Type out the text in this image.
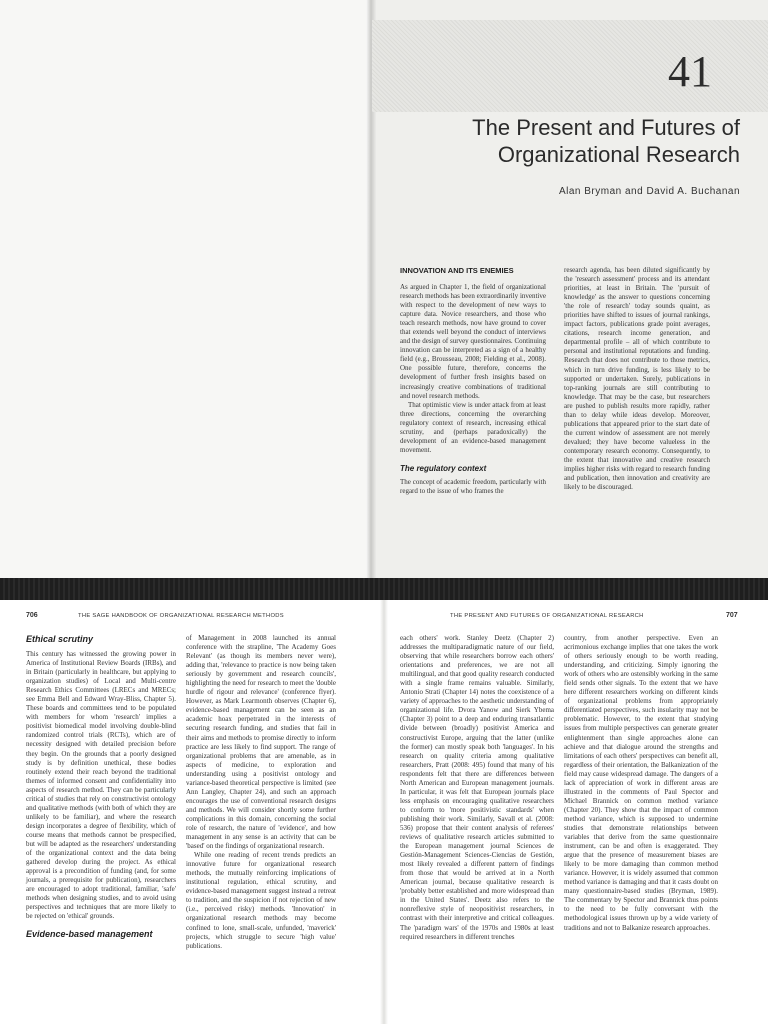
41
The Present and Futures of Organizational Research
Alan Bryman and David A. Buchanan
INNOVATION AND ITS ENEMIES

As argued in Chapter 1, the field of organizational research methods has been extraordinarily inventive with respect to the development of new ways to capture data. Novice researchers, and those who teach research methods, now have ground to cover that extends well beyond the conduct of interviews and the design of survey questionnaires. Continuing innovation can be interpreted as a sign of a healthy field (e.g., Brousseau, 2008; Fielding et al., 2008). One possible future, therefore, concerns the development of further fresh insights based on increasingly creative combinations of traditional and novel research methods.

That optimistic view is under attack from at least three directions, concerning the overarching regulatory context of research, increasing ethical scrutiny, and (perhaps paradoxically) the development of an evidence-based management movement.

The regulatory context

The concept of academic freedom, particularly with regard to the issue of who frames the

research agenda, has been diluted significantly by the 'research assessment' process and its attendant priorities, at least in Britain. The 'pursuit of knowledge' as the answer to questions concerning 'the role of research' today sounds quaint, as priorities have shifted to issues of journal rankings, impact factors, publications grade point averages, citations, research income generation, and departmental profile – all of which contribute to personal and institutional reputations and funding. Research that does not contribute to those metrics, which in turn drive funding, is less likely to be supported or undertaken. Surely, publications in top-ranking journals are still contributing to knowledge. That may be the case, but researchers are pushed to publish results more rapidly, rather than to delay while ideas develop. Moreover, publications that appeared prior to the start date of the current window of assessment are not merely devalued; they have become valueless in the contemporary research economy. Consequently, to the extent that innovative and creative research implies higher risks with regard to research funding and publication, then innovation and creativity are likely to be discouraged.
706	THE SAGE HANDBOOK OF ORGANIZATIONAL RESEARCH METHODS	THE PRESENT AND FUTURES OF ORGANIZATIONAL RESEARCH	707
Ethical scrutiny
This century has witnessed the growing power in America of Institutional Review Boards (IRBs), and in Britain (particularly in healthcare, but applying to organization studies) of Local and Multi-centre Research Ethics Committees (LRECs and MRECs; see Emma Bell and Edward Wray-Bliss, Chapter 5). These boards and committees tend to be populated with members for whom 'research' implies a positivist biomedical model involving double-blind randomized control trials (RCTs), which are of necessity designed with detailed precision before they begin. On the grounds that a poorly designed study is by definition unethical, these bodies routinely extend their reach beyond the traditional themes of informed consent and confidentiality into aspects of research method. They can be particularly critical of studies that rely on constructivist ontology and qualitative methods (with both of which they are unlikely to be familiar), and where the research design incorporates a degree of flexibility, which of course means that methods cannot be prespecified, but will be adapted as the researchers' understanding of the organizational context and the data being gathered develop during the project. As ethical approval is a precondition of funding (and, for some journals, a prerequisite for publication), researchers are encouraged to adopt traditional, familiar, 'safe' methods when designing studies, and to avoid using perspectives and techniques that are more likely to be rejected on 'ethical' grounds.
Evidence-based management
of Management in 2008 launched its annual conference with the strapline, 'The Academy Goes Relevant' (as though its members never were), adding that, 'relevance to practice is now being taken seriously by government and research councils', highlighting the need for research to meet the 'double hurdle of rigour and relevance' (conference flyer). However, as Mark Learmonth observes (Chapter 6), evidence-based management can be seen as an academic hoax perpetrated in the interests of securing research funding, and studies that fail in their aims and methods to promise directly to inform practice are less likely to find support. The range of organizational problems that are amenable, as in aspects of medicine, to exploration and understanding using a positivist ontology and variance-based theoretical perspective is limited (see Ann Langley, Chapter 24), and such an approach encourages the use of conventional research designs and methods. We will consider shortly some further complications in this domain, concerning the social role of research, the nature of 'evidence', and how management in any sense is an activity that can be 'based' on the findings of organizational research.
While one reading of recent trends predicts an innovative future for organizational research methods, the mutually reinforcing implications of institutional regulation, ethical scrutiny, and evidence-based management suggest instead a retreat to tradition, and the suspicion if not rejection of new (i.e., perceived risky) methods. 'Innovation' in organizational research methods may become confined to lone, small-scale, unfunded, 'maverick' projects, which struggle to secure 'high value' publications.
each others' work. Stanley Deetz (Chapter 2) addresses the multiparadigmatic nature of our field, observing that while researchers borrow each others' orientations and preferences, we are not all multilingual, and that good quality research conducted with a single frame remains valuable. Similarly, Antonio Strati (Chapter 14) notes the coexistence of a variety of approaches to the aesthetic understanding of organizational life. Dvora Yanow and Sierk Ybema (Chapter 3) point to a deep and enduring transatlantic divide between (broadly) positivist America and constructivist Europe, arguing that the latter (unlike the former) can mostly speak both 'languages'. In his research on quality criteria among qualitative researchers, Pratt (2008: 495) found that many of his respondents felt that there are differences between North American and European management journals. In particular, it was felt that European journals place less emphasis on encouraging qualitative researchers to conform to 'more positivistic standards' when publishing their work. Similarly, Savall et al. (2008: 536) propose that their content analysis of referees' reviews of qualitative research articles submitted to the European management journal Sciences de Gestión-Management Sciences-Ciencias de Gestión, most likely revealed a different pattern of findings from those that would be arrived at in a North American journal, because qualitative research is 'probably better established and more widespread than in the United States'. Deetz also refers to the nonreflexive style of neopositivist researchers, in contrast with their interpretive and critical colleagues. The 'paradigm wars' of the 1970s and 1980s at least required researchers in different trenches
country, from another perspective. Even an acrimonious exchange implies that one takes the work of others seriously enough to be worth reading, understanding, and criticizing. Simply ignoring the work of others who are ostensibly working in the same field sends other signals. To the extent that we have here different researchers working on different kinds of organizational problems from appropriately differentiated perspectives, such insularity may not be problematic. However, to the extent that studying issues from multiple perspectives can generate greater enlightenment than single approaches alone can achieve and that dialogue around the strengths and limitations of each others' perspectives can benefit all, regardless of their orientation, the Balkanization of the field may cause widespread damage. The dangers of a lack of appreciation of work in different areas are illustrated in the comments of Paul Spector and Michael Brannick on common method variance (Chapter 20). They show that the impact of common method variance, which is supposed to undermine studies that demonstrate relationships between variables that derive from the same questionnaire instrument, can be and often is exaggerated. They argue that the presence of measurement biases are likely to be more damaging than common method variance. However, it is widely assumed that common method variance is damaging and that it casts doubt on many questionnaire-based studies (Bryman, 1989). The commentary by Spector and Brannick thus points to the need to be fully conversant with the methodological issues thrown up by a wide variety of traditions and not to Balkanize research approaches.
